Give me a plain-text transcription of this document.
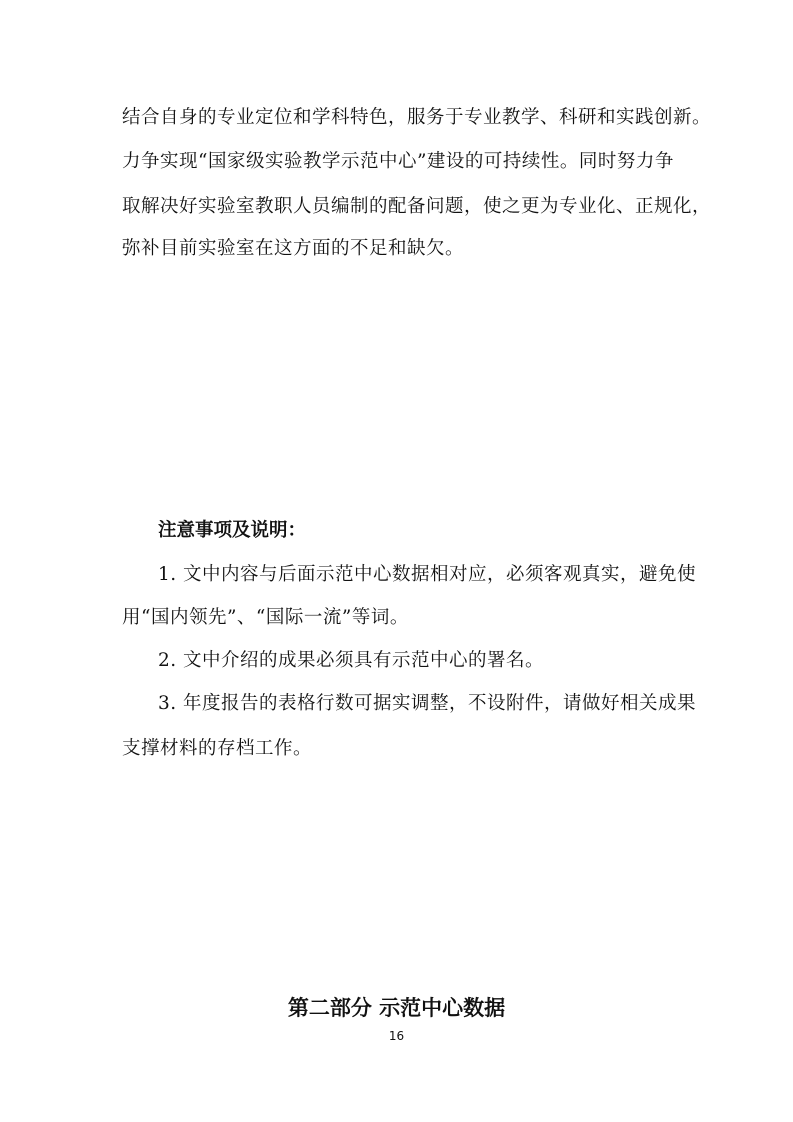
结合自身的专业定位和学科特色，服务于专业教学、科研和实践创新。
力争实现“国家级实验教学示范中心”建设的可持续性。同时努力争
取解决好实验室教职人员编制的配备问题，使之更为专业化、正规化，
弥补目前实验室在这方面的不足和缺欠。
注意事项及说明：
1. 文中内容与后面示范中心数据相对应，必须客观真实，避免使
用“国内领先”、“国际一流”等词。
2. 文中介绍的成果必须具有示范中心的署名。
3. 年度报告的表格行数可据实调整，不设附件，请做好相关成果
支撑材料的存档工作。
第二部分 示范中心数据
16
